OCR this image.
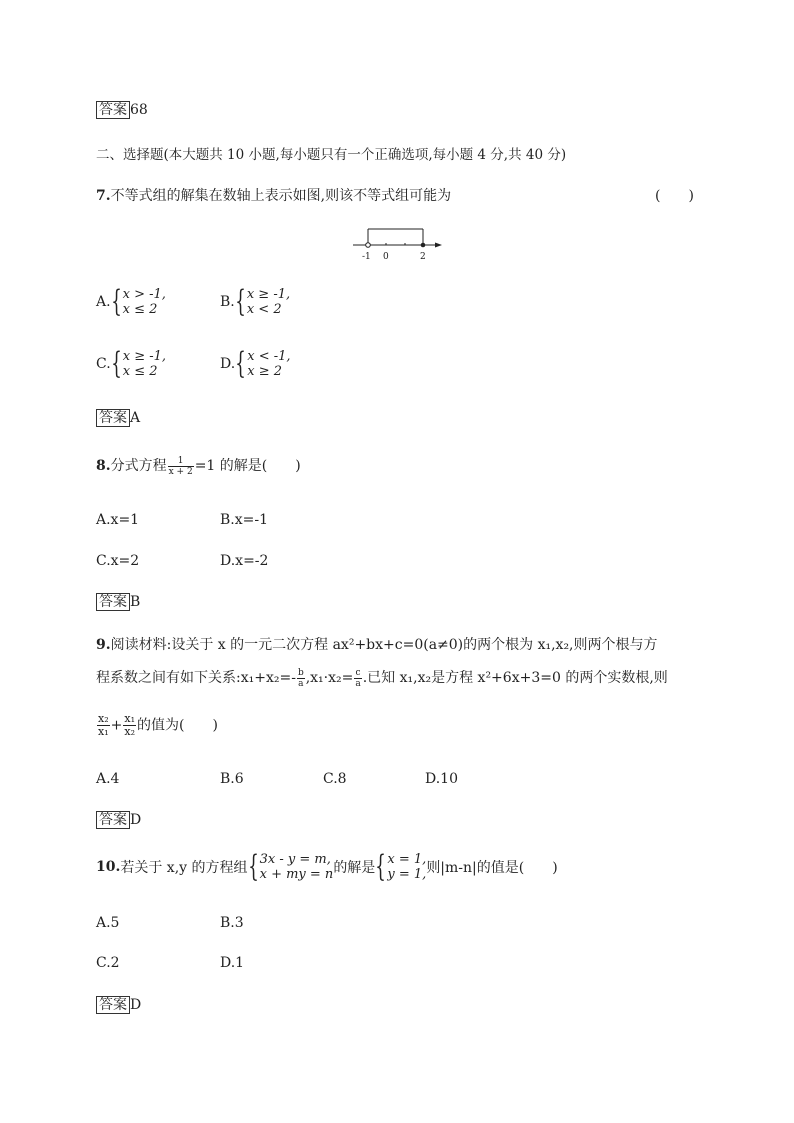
答案 68
二、选择题(本大题共 10 小题,每小题只有一个正确选项,每小题 4 分,共 40 分)
7.不等式组的解集在数轴上表示如图,则该不等式组可能为	(　　)
-1 0	2
A. { x > -1,
x ≤ 2	B. { x ≥ -1,
x < 2
C. { x ≥ -1,
x ≤ 2	D. { x < -1,
x ≥ 2
答案 A
8.分式方程 $\frac{1}{x + 2} =1$ 的解是(　　)
A.x=1	B.x=-1
C.x=2	D.x=-2
答案 B
9.阅读材料:设关于 x 的一元二次方程 ax²+bx+c=0(a≠0)的两个根为 x₁,x₂,则两个根与方
程系数之间有如下关系:x₁+x₂=- $\frac{b}{a} ,x_1\cdot x_2= \frac{c}{a}$ .已知 x₁,x₂是方程 x²+6x+3=0 的两个实数根,则
$\frac{\text{x₂}}{\text{x₁}} + \frac{\text{x₁}}{\text{x₂}}$ 的值为(　　)
A.4	B.6	C.8	D.10
答案 D
10. 若关于 x,y 的方程组 { 3x - y = m,
x + my = n 的解是 { x = 1,
y = 1, 则|m-n|的值是(　　)
A.5	B.3
C.2	D.1
答案 D
